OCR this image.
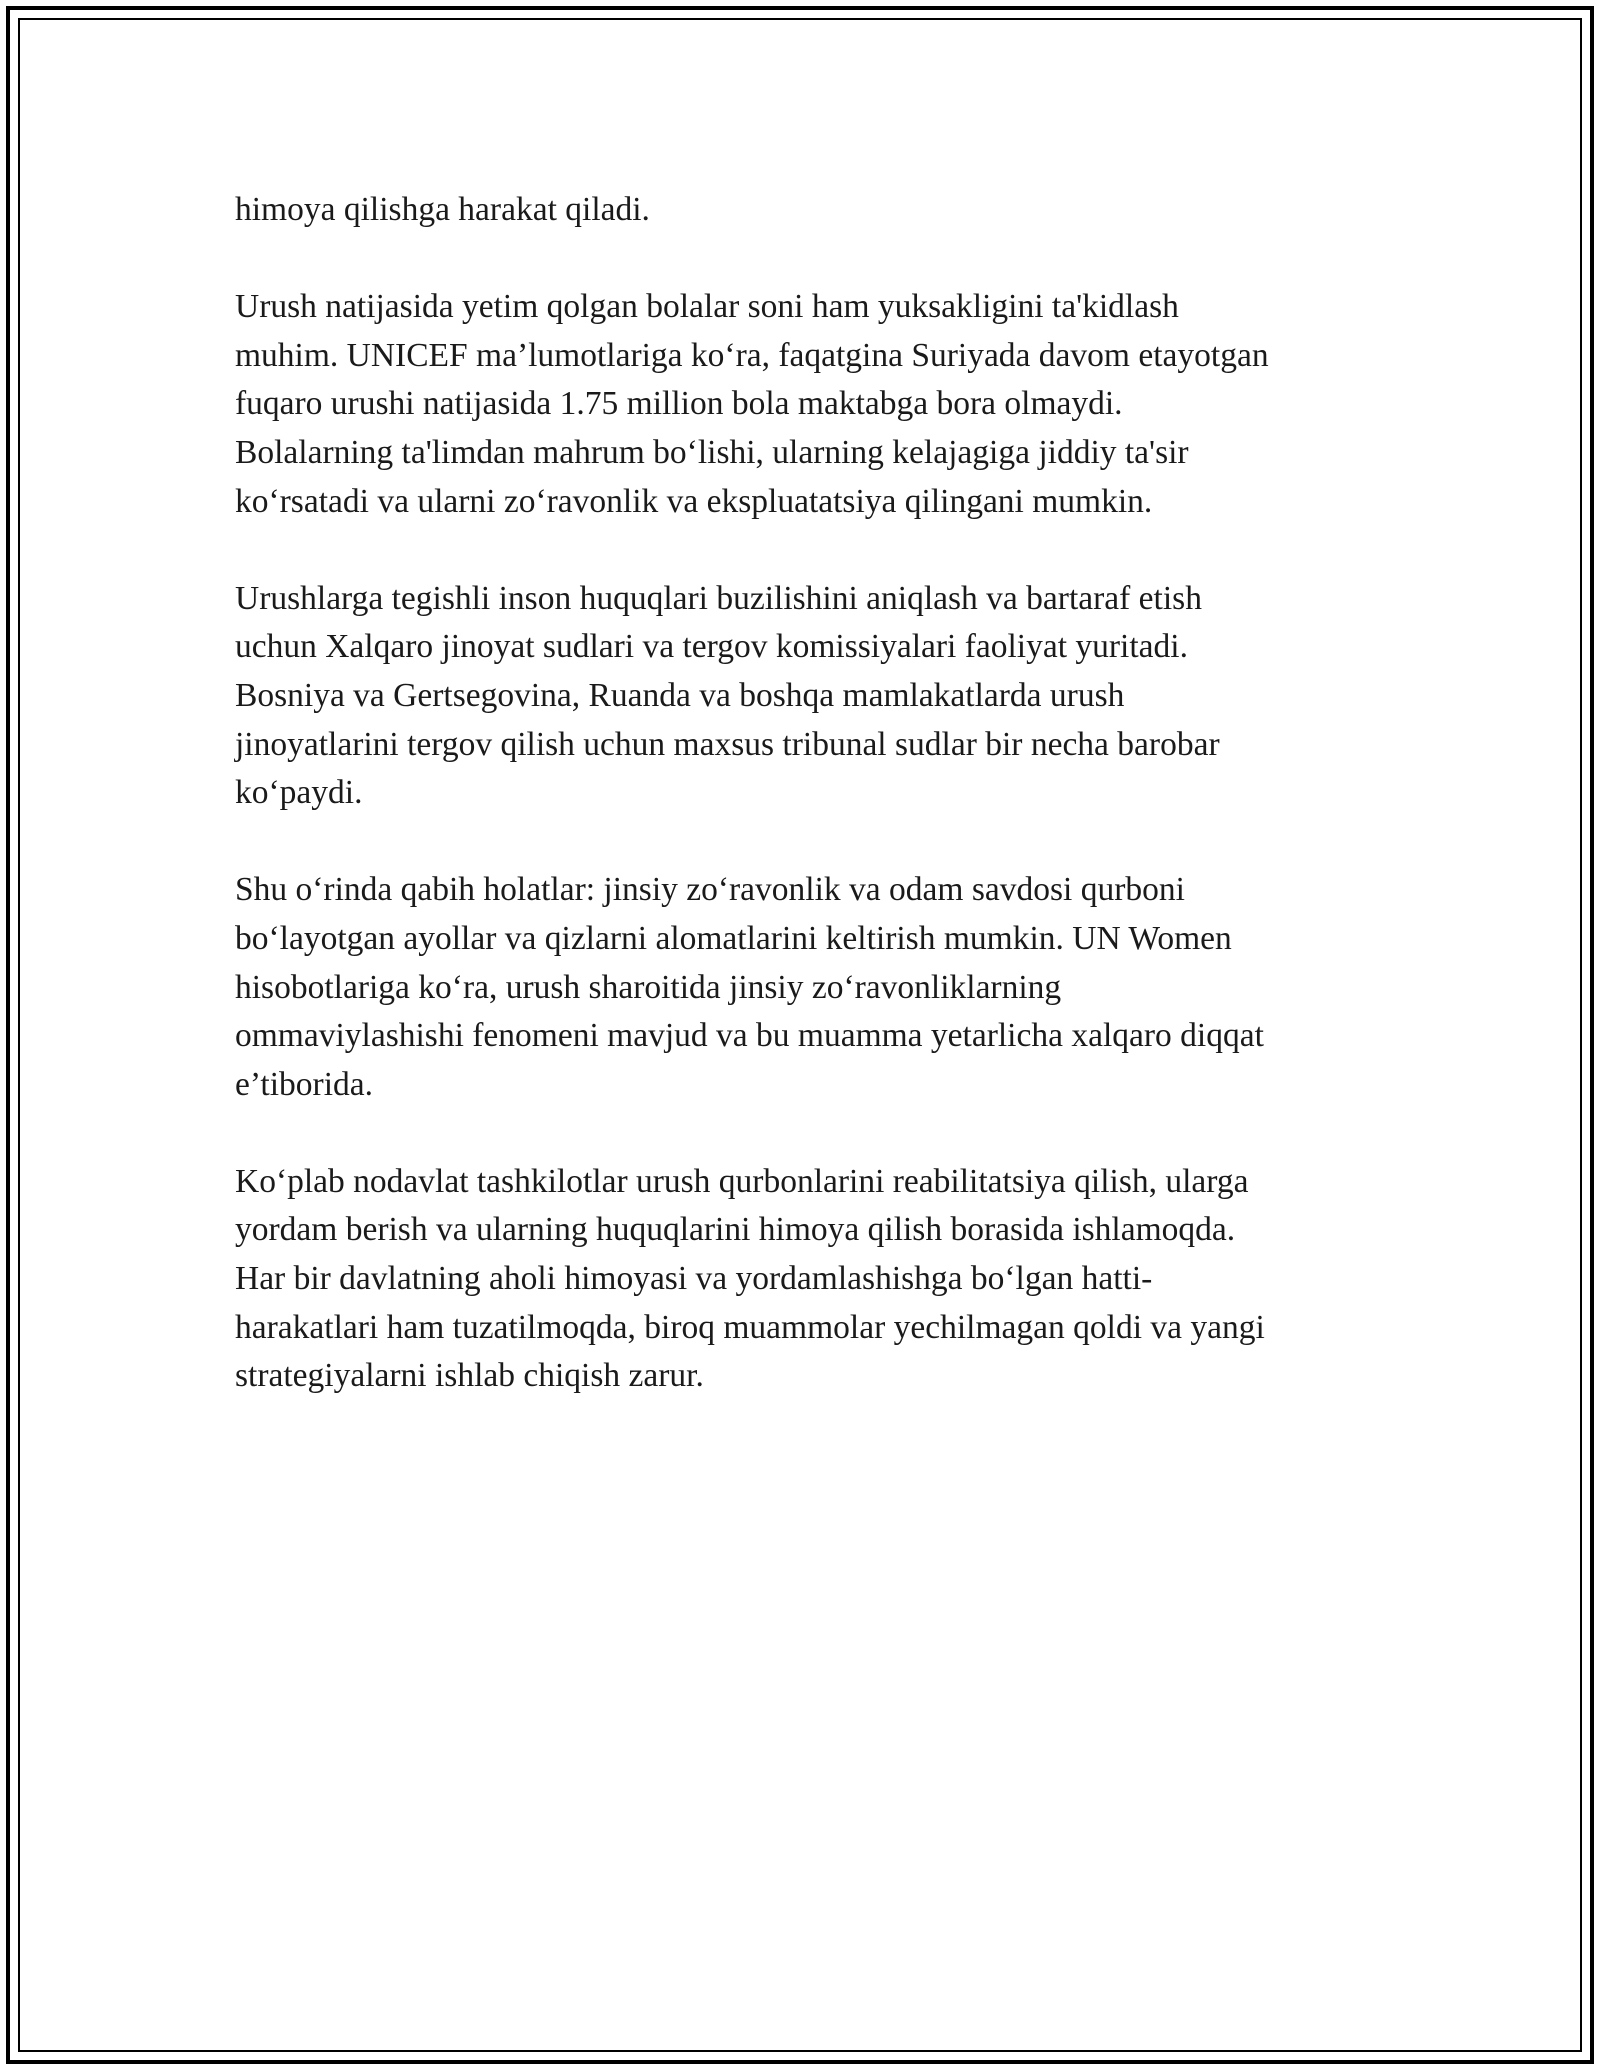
himoya qilishga harakat qiladi.

Urush natijasida yetim qolgan bolalar soni ham yuksakligini ta'kidlash
muhim. UNICEF ma’lumotlariga ko‘ra, faqatgina Suriyada davom etayotgan
fuqaro urushi natijasida 1.75 million bola maktabga bora olmaydi.
Bolalarning ta'limdan mahrum bo‘lishi, ularning kelajagiga jiddiy ta'sir
ko‘rsatadi va ularni zo‘ravonlik va ekspluatatsiya qilingani mumkin.

Urushlarga tegishli inson huquqlari buzilishini aniqlash va bartaraf etish
uchun Xalqaro jinoyat sudlari va tergov komissiyalari faoliyat yuritadi.
Bosniya va Gertsegovina, Ruanda va boshqa mamlakatlarda urush
jinoyatlarini tergov qilish uchun maxsus tribunal sudlar bir necha barobar
ko‘paydi.

Shu o‘rinda qabih holatlar: jinsiy zo‘ravonlik va odam savdosi qurboni
bo‘layotgan ayollar va qizlarni alomatlarini keltirish mumkin. UN Women
hisobotlariga ko‘ra, urush sharoitida jinsiy zo‘ravonliklarning
ommaviylashishi fenomeni mavjud va bu muamma yetarlicha xalqaro diqqat
e’tiborida.

Ko‘plab nodavlat tashkilotlar urush qurbonlarini reabilitatsiya qilish, ularga
yordam berish va ularning huquqlarini himoya qilish borasida ishlamoqda.
Har bir davlatning aholi himoyasi va yordamlashishga bo‘lgan hatti-
harakatlari ham tuzatilmoqda, biroq muammolar yechilmagan qoldi va yangi
strategiyalarni ishlab chiqish zarur.
